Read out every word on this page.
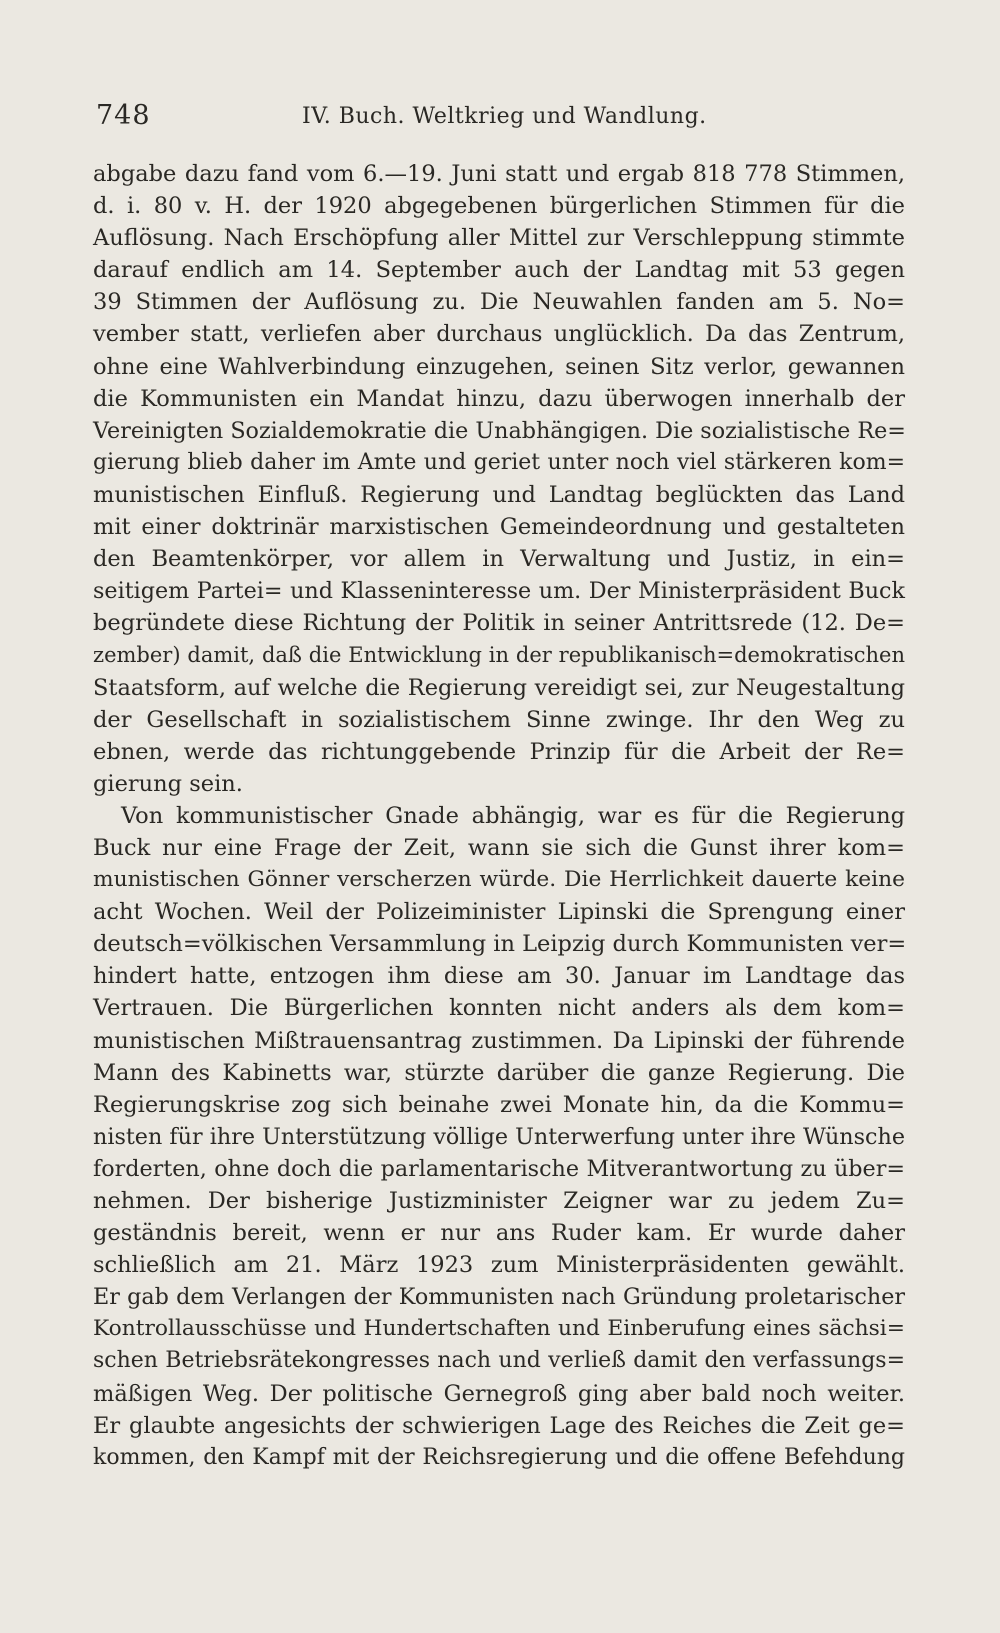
748	IV. Buch. Weltkrieg und Wandlung.
abgabe dazu fand vom 6.—19. Juni statt und ergab 818 778 Stimmen,
d. i. 80 v. H. der 1920 abgegebenen bürgerlichen Stimmen für die
Auflösung. Nach Erschöpfung aller Mittel zur Verschleppung stimmte
darauf endlich am 14. September auch der Landtag mit 53 gegen
39 Stimmen der Auflösung zu. Die Neuwahlen fanden am 5. No=
vember statt, verliefen aber durchaus unglücklich. Da das Zentrum,
ohne eine Wahlverbindung einzugehen, seinen Sitz verlor, gewannen
die Kommunisten ein Mandat hinzu, dazu überwogen innerhalb der
Vereinigten Sozialdemokratie die Unabhängigen. Die sozialistische Re=
gierung blieb daher im Amte und geriet unter noch viel stärkeren kom=
munistischen Einfluß. Regierung und Landtag beglückten das Land
mit einer doktrinär marxistischen Gemeindeordnung und gestalteten
den Beamtenkörper, vor allem in Verwaltung und Justiz, in ein=
seitigem Partei= und Klasseninteresse um. Der Ministerpräsident Buck
begründete diese Richtung der Politik in seiner Antrittsrede (12. De=
zember) damit, daß die Entwicklung in der republikanisch=demokratischen
Staatsform, auf welche die Regierung vereidigt sei, zur Neugestaltung
der Gesellschaft in sozialistischem Sinne zwinge. Ihr den Weg zu
ebnen, werde das richtunggebende Prinzip für die Arbeit der Re=
gierung sein.
Von kommunistischer Gnade abhängig, war es für die Regierung
Buck nur eine Frage der Zeit, wann sie sich die Gunst ihrer kom=
munistischen Gönner verscherzen würde. Die Herrlichkeit dauerte keine
acht Wochen. Weil der Polizeiminister Lipinski die Sprengung einer
deutsch=völkischen Versammlung in Leipzig durch Kommunisten ver=
hindert hatte, entzogen ihm diese am 30. Januar im Landtage das
Vertrauen. Die Bürgerlichen konnten nicht anders als dem kom=
munistischen Mißtrauensantrag zustimmen. Da Lipinski der führende
Mann des Kabinetts war, stürzte darüber die ganze Regierung. Die
Regierungskrise zog sich beinahe zwei Monate hin, da die Kommu=
nisten für ihre Unterstützung völlige Unterwerfung unter ihre Wünsche
forderten, ohne doch die parlamentarische Mitverantwortung zu über=
nehmen. Der bisherige Justizminister Zeigner war zu jedem Zu=
geständnis bereit, wenn er nur ans Ruder kam. Er wurde daher
schließlich am 21. März 1923 zum Ministerpräsidenten gewählt.
Er gab dem Verlangen der Kommunisten nach Gründung proletarischer
Kontrollausschüsse und Hundertschaften und Einberufung eines sächsi=
schen Betriebsrätekongresses nach und verließ damit den verfassungs=
mäßigen Weg. Der politische Gernegroß ging aber bald noch weiter.
Er glaubte angesichts der schwierigen Lage des Reiches die Zeit ge=
kommen, den Kampf mit der Reichsregierung und die offene Befehdung
